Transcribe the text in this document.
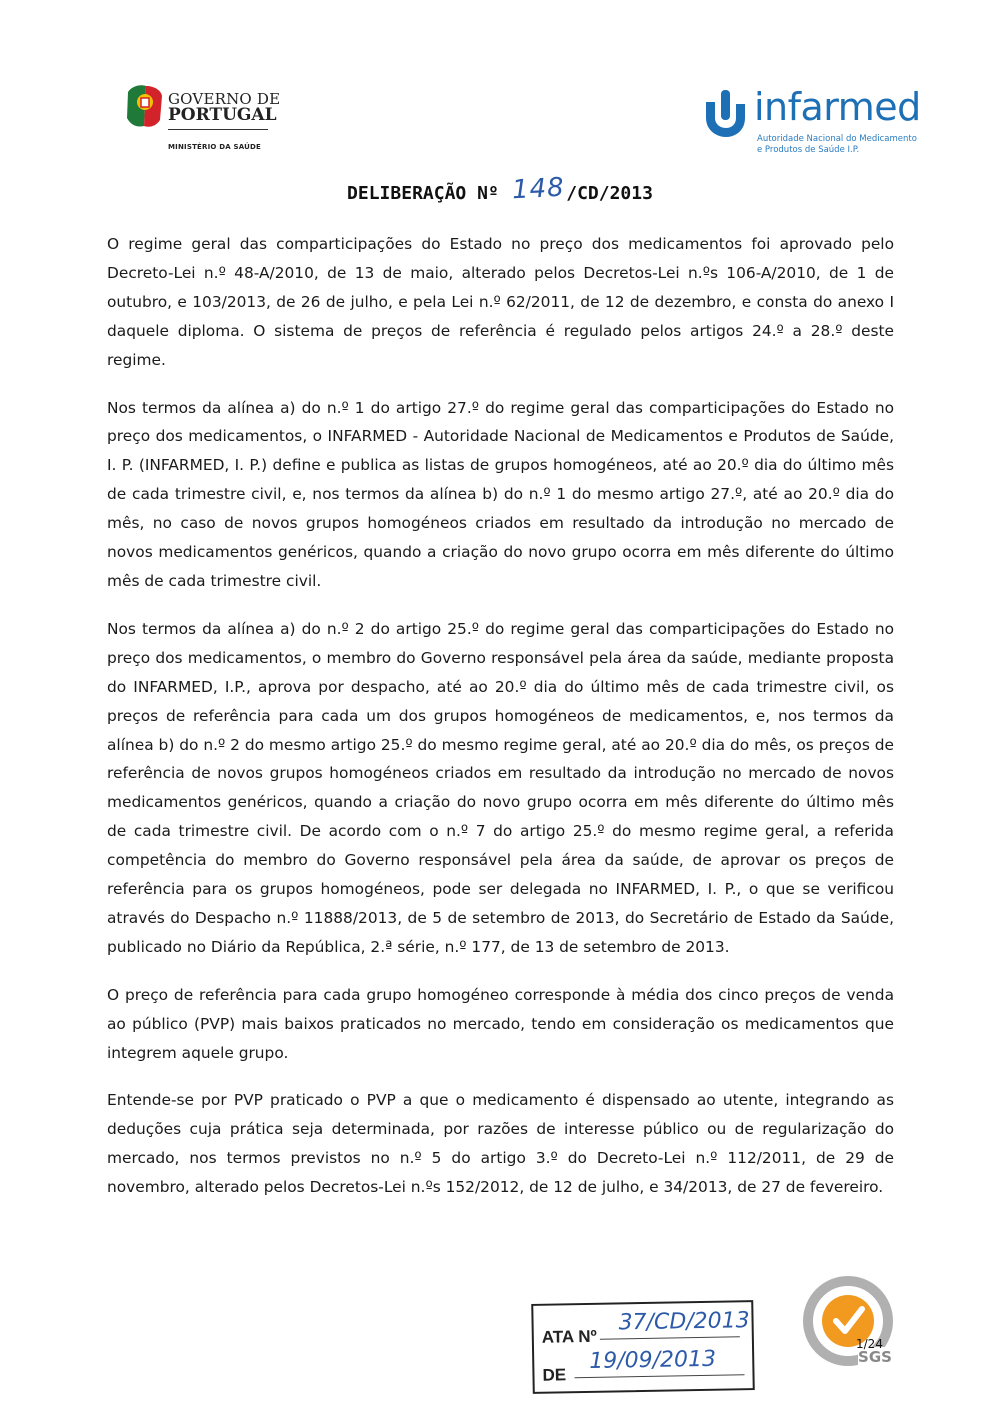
GOVERNO DE
PORTUGAL
MINISTÉRIO DA SAÚDE
infarmed
Autoridade Nacional do Medicamento
e Produtos de Saúde I.P.
DELIBERAÇÃO Nº 148/CD/2013

O regime geral das comparticipações do Estado no preço dos medicamentos foi aprovado pelo Decreto-Lei n.º 48-A/2010, de 13 de maio, alterado pelos Decretos-Lei n.ºs 106-A/2010, de 1 de outubro, e 103/2013, de 26 de julho, e pela Lei n.º 62/2011, de 12 de dezembro, e consta do anexo I daquele diploma. O sistema de preços de referência é regulado pelos artigos 24.º a 28.º deste regime.

Nos termos da alínea a) do n.º 1 do artigo 27.º do regime geral das comparticipações do Estado no preço dos medicamentos, o INFARMED - Autoridade Nacional de Medicamentos e Produtos de Saúde, I. P. (INFARMED, I. P.) define e publica as listas de grupos homogéneos, até ao 20.º dia do último mês de cada trimestre civil, e, nos termos da alínea b) do n.º 1 do mesmo artigo 27.º, até ao 20.º dia do mês, no caso de novos grupos homogéneos criados em resultado da introdução no mercado de novos medicamentos genéricos, quando a criação do novo grupo ocorra em mês diferente do último mês de cada trimestre civil.

Nos termos da alínea a) do n.º 2 do artigo 25.º do regime geral das comparticipações do Estado no preço dos medicamentos, o membro do Governo responsável pela área da saúde, mediante proposta do INFARMED, I.P., aprova por despacho, até ao 20.º dia do último mês de cada trimestre civil, os preços de referência para cada um dos grupos homogéneos de medicamentos, e, nos termos da alínea b) do n.º 2 do mesmo artigo 25.º do mesmo regime geral, até ao 20.º dia do mês, os preços de referência de novos grupos homogéneos criados em resultado da introdução no mercado de novos medicamentos genéricos, quando a criação do novo grupo ocorra em mês diferente do último mês de cada trimestre civil. De acordo com o n.º 7 do artigo 25.º do mesmo regime geral, a referida competência do membro do Governo responsável pela área da saúde, de aprovar os preços de referência para os grupos homogéneos, pode ser delegada no INFARMED, I. P., o que se verificou através do Despacho n.º 11888/2013, de 5 de setembro de 2013, do Secretário de Estado da Saúde, publicado no Diário da República, 2.ª série, n.º 177, de 13 de setembro de 2013.

O preço de referência para cada grupo homogéneo corresponde à média dos cinco preços de venda ao público (PVP) mais baixos praticados no mercado, tendo em consideração os medicamentos que integrem aquele grupo.

Entende-se por PVP praticado o PVP a que o medicamento é dispensado ao utente, integrando as deduções cuja prática seja determinada, por razões de interesse público ou de regularização do mercado, nos termos previstos no n.º 5 do artigo 3.º do Decreto-Lei n.º 112/2011, de 29 de novembro, alterado pelos Decretos-Lei n.ºs 152/2012, de 12 de julho, e 34/2013, de 27 de fevereiro.

ATA Nº
37/CD/2013
DE
19/09/2013	SGS
1/24
